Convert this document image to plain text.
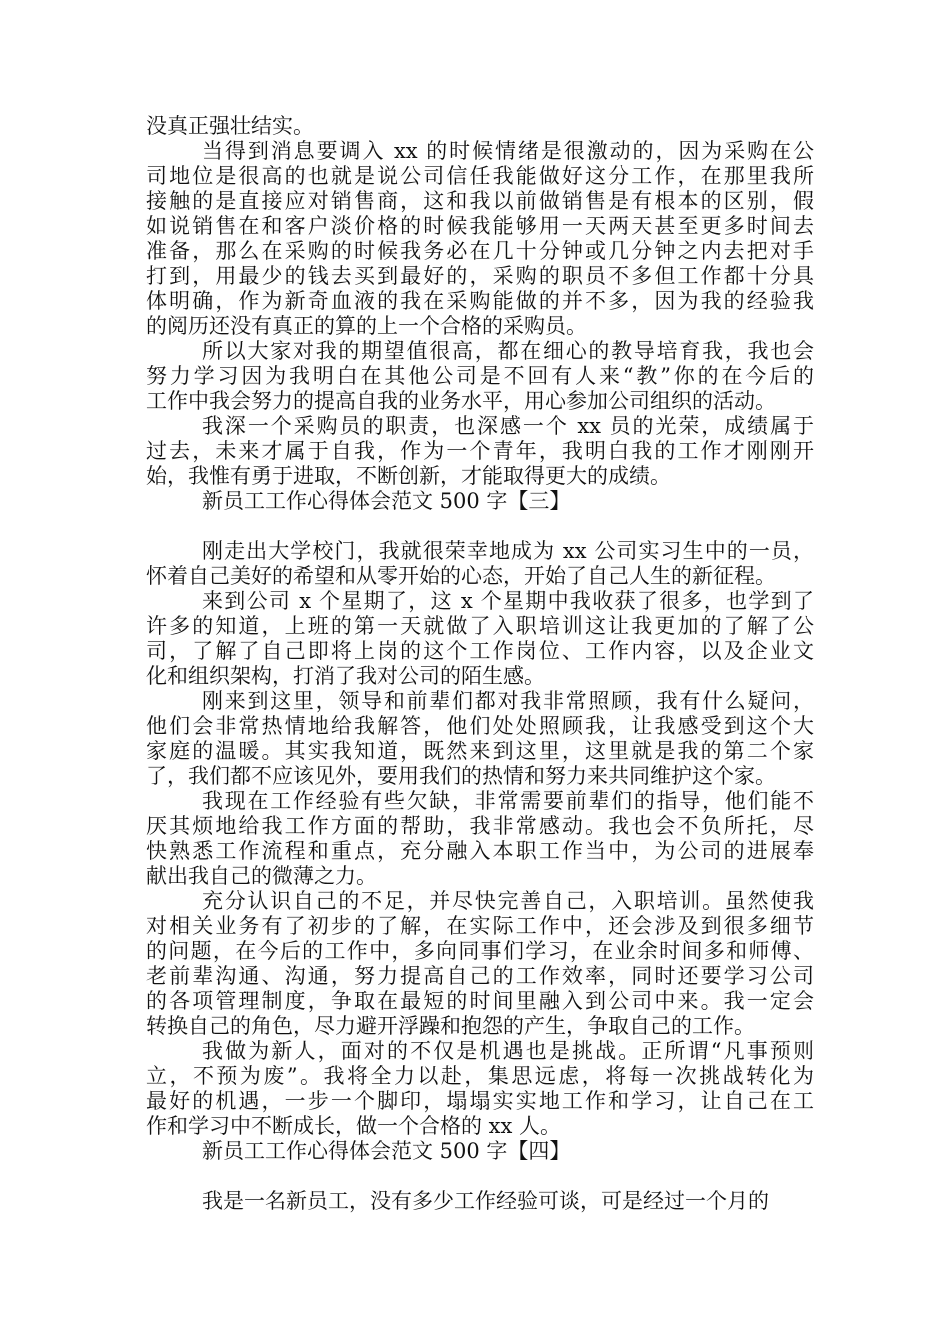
没真正强壮结实。
当得到消息要调入 xx 的时候情绪是很激动的，因为采购在公
司地位是很高的也就是说公司信任我能做好这分工作，在那里我所
接触的是直接应对销售商，这和我以前做销售是有根本的区别，假
如说销售在和客户淡价格的时候我能够用一天两天甚至更多时间去
准备，那么在采购的时候我务必在几十分钟或几分钟之内去把对手
打到，用最少的钱去买到最好的，采购的职员不多但工作都十分具
体明确，作为新奇血液的我在采购能做的并不多，因为我的经验我
的阅历还没有真正的算的上一个合格的采购员。
所以大家对我的期望值很高，都在细心的教导培育我，我也会
努力学习因为我明白在其他公司是不回有人来“教”你的在今后的
工作中我会努力的提高自我的业务水平，用心参加公司组织的活动。
我深一个采购员的职责，也深感一个 xx 员的光荣，成绩属于
过去，未来才属于自我，作为一个青年，我明白我的工作才刚刚开
始，我惟有勇于进取，不断创新，才能取得更大的成绩。
新员工工作心得体会范文 500 字【三】
刚走出大学校门，我就很荣幸地成为 xx 公司实习生中的一员，
怀着自己美好的希望和从零开始的心态，开始了自己人生的新征程。
来到公司 x 个星期了，这 x 个星期中我收获了很多，也学到了
许多的知道，上班的第一天就做了入职培训这让我更加的了解了公
司，了解了自己即将上岗的这个工作岗位、工作内容，以及企业文
化和组织架构，打消了我对公司的陌生感。
刚来到这里，领导和前辈们都对我非常照顾，我有什么疑问，
他们会非常热情地给我解答，他们处处照顾我，让我感受到这个大
家庭的温暖。其实我知道，既然来到这里，这里就是我的第二个家
了，我们都不应该见外，要用我们的热情和努力来共同维护这个家。
我现在工作经验有些欠缺，非常需要前辈们的指导，他们能不
厌其烦地给我工作方面的帮助，我非常感动。我也会不负所托，尽
快熟悉工作流程和重点，充分融入本职工作当中，为公司的进展奉
献出我自己的微薄之力。
充分认识自己的不足，并尽快完善自己，入职培训。虽然使我
对相关业务有了初步的了解，在实际工作中，还会涉及到很多细节
的问题，在今后的工作中，多向同事们学习，在业余时间多和师傅、
老前辈沟通、沟通，努力提高自己的工作效率，同时还要学习公司
的各项管理制度，争取在最短的时间里融入到公司中来。我一定会
转换自己的角色，尽力避开浮躁和抱怨的产生，争取自己的工作。
我做为新人，面对的不仅是机遇也是挑战。正所谓“凡事预则
立，不预为废”。我将全力以赴，集思远虑，将每一次挑战转化为
最好的机遇，一步一个脚印，塌塌实实地工作和学习，让自己在工
作和学习中不断成长，做一个合格的 xx 人。
新员工工作心得体会范文 500 字【四】
我是一名新员工，没有多少工作经验可谈，可是经过一个月的
